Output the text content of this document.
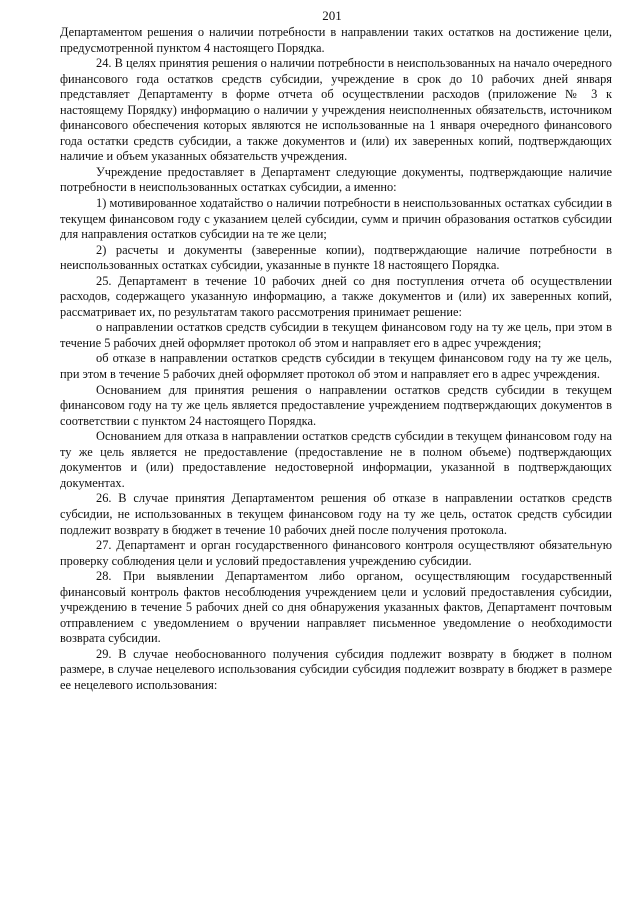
201

Департаментом решения о наличии потребности в направлении таких остатков на достижение цели, предусмотренной пунктом 4 настоящего Порядка.

24. В целях принятия решения о наличии потребности в неиспользованных на начало очередного финансового года остатков средств субсидии, учреждение в срок до 10 рабочих дней января представляет Департаменту в форме отчета об осуществлении расходов (приложение № 3 к настоящему Порядку) информацию о наличии у учреждения неисполненных обязательств, источником финансового обеспечения которых являются не использованные на 1 января очередного финансового года остатки средств субсидии, а также документов и (или) их заверенных копий, подтверждающих наличие и объем указанных обязательств учреждения.

Учреждение предоставляет в Департамент следующие документы, подтверждающие наличие потребности в неиспользованных остатках субсидии, а именно:

1) мотивированное ходатайство о наличии потребности в неиспользованных остатках субсидии в текущем финансовом году с указанием целей субсидии, сумм и причин образования остатков субсидии для направления остатков субсидии на те же цели;

2) расчеты и документы (заверенные копии), подтверждающие наличие потребности в неиспользованных остатках субсидии, указанные в пункте 18 настоящего Порядка.

25. Департамент в течение 10 рабочих дней со дня поступления отчета об осуществлении расходов, содержащего указанную информацию, а также документов и (или) их заверенных копий, рассматривает их, по результатам такого рассмотрения принимает решение:

о направлении остатков средств субсидии в текущем финансовом году на ту же цель, при этом в течение 5 рабочих дней оформляет протокол об этом и направляет его в адрес учреждения;

об отказе в направлении остатков средств субсидии в текущем финансовом году на ту же цель, при этом в течение 5 рабочих дней оформляет протокол об этом и направляет его в адрес учреждения.

Основанием для принятия решения о направлении остатков средств субсидии в текущем финансовом году на ту же цель является предоставление учреждением подтверждающих документов в соответствии с пунктом 24 настоящего Порядка.

Основанием для отказа в направлении остатков средств субсидии в текущем финансовом году на ту же цель является не предоставление (предоставление не в полном объеме) подтверждающих документов и (или) предоставление недостоверной информации, указанной в подтверждающих документах.

26. В случае принятия Департаментом решения об отказе в направлении остатков средств субсидии, не использованных в текущем финансовом году на ту же цель, остаток средств субсидии подлежит возврату в бюджет в течение 10 рабочих дней после получения протокола.

27. Департамент и орган государственного финансового контроля осуществляют обязательную проверку соблюдения цели и условий предоставления учреждению субсидии.

28. При выявлении Департаментом либо органом, осуществляющим государственный финансовый контроль фактов несоблюдения учреждением цели и условий предоставления субсидии, учреждению в течение 5 рабочих дней со дня обнаружения указанных фактов, Департамент почтовым отправлением с уведомлением о вручении направляет письменное уведомление о необходимости возврата субсидии.

29. В случае необоснованного получения субсидия подлежит возврату в бюджет в полном размере, в случае нецелевого использования субсидии субсидия подлежит возврату в бюджет в размере ее нецелевого использования:
